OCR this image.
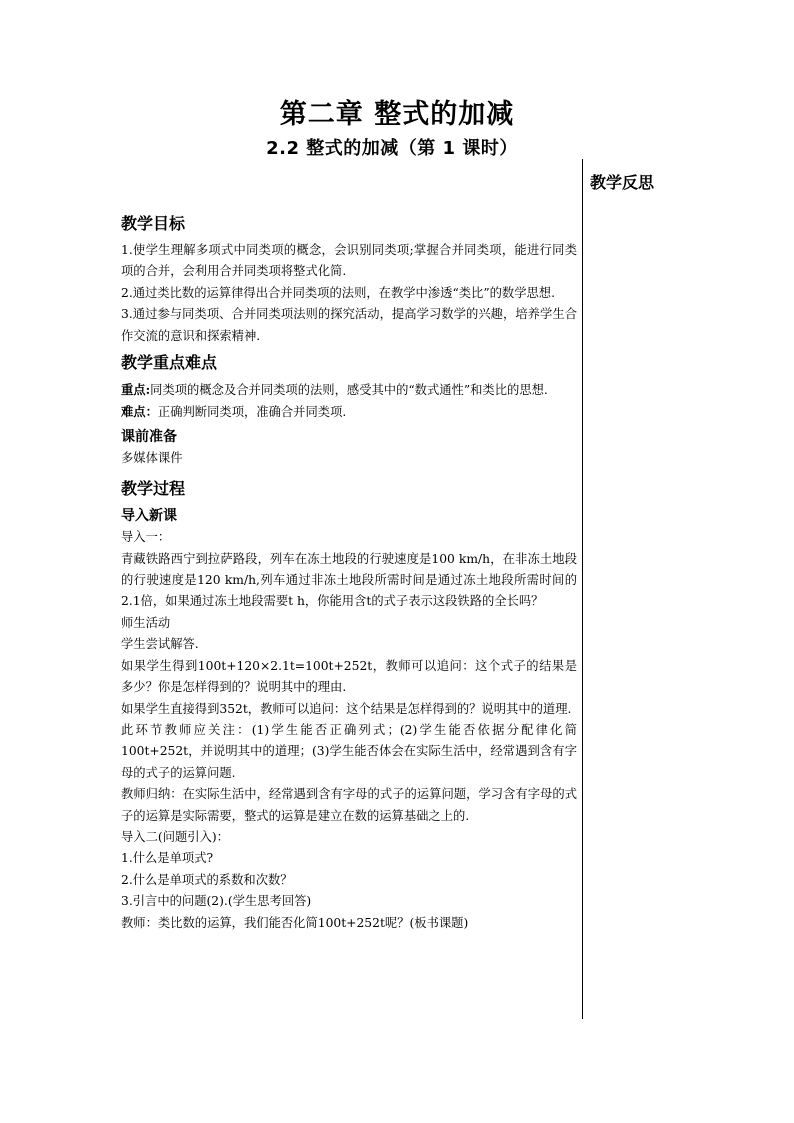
第二章 整式的加减
2.2 整式的加减（第 1 课时）
教学反思
教学目标

1.使学生理解多项式中同类项的概念，会识别同类项;掌握合并同类项，能进行同类项的合并，会利用合并同类项将整式化简.

2.通过类比数的运算律得出合并同类项的法则，在教学中渗透“类比”的数学思想.

3.通过参与同类项、合并同类项法则的探究活动，提高学习数学的兴趣，培养学生合作交流的意识和探索精神.

教学重点难点

重点:同类项的概念及合并同类项的法则，感受其中的“数式通性”和类比的思想.

难点：正确判断同类项，准确合并同类项.

课前准备

多媒体课件

教学过程
导入新课

导入一：

青藏铁路西宁到拉萨路段，列车在冻土地段的行驶速度是100 km/h，在非冻土地段的行驶速度是120 km/h,列车通过非冻土地段所需时间是通过冻土地段所需时间的2.1倍，如果通过冻土地段需要t h，你能用含t的式子表示这段铁路的全长吗？

师生活动

学生尝试解答.

如果学生得到100t+120×2.1t=100t+252t，教师可以追问：这个式子的结果是多少？你是怎样得到的？说明其中的理由.

如果学生直接得到352t，教师可以追问：这个结果是怎样得到的？说明其中的道理.

此环节教师应关注：(1)学生能否正确列式；(2)学生能否依据分配律化简100t+252t，并说明其中的道理；(3)学生能否体会在实际生活中，经常遇到含有字母的式子的运算问题.

教师归纳：在实际生活中，经常遇到含有字母的式子的运算问题，学习含有字母的式子的运算是实际需要，整式的运算是建立在数的运算基础之上的.

导入二(问题引入)：

1.什么是单项式?

2.什么是单项式的系数和次数？

3.引言中的问题(2).(学生思考回答)

教师：类比数的运算，我们能否化简100t+252t呢？(板书课题)
